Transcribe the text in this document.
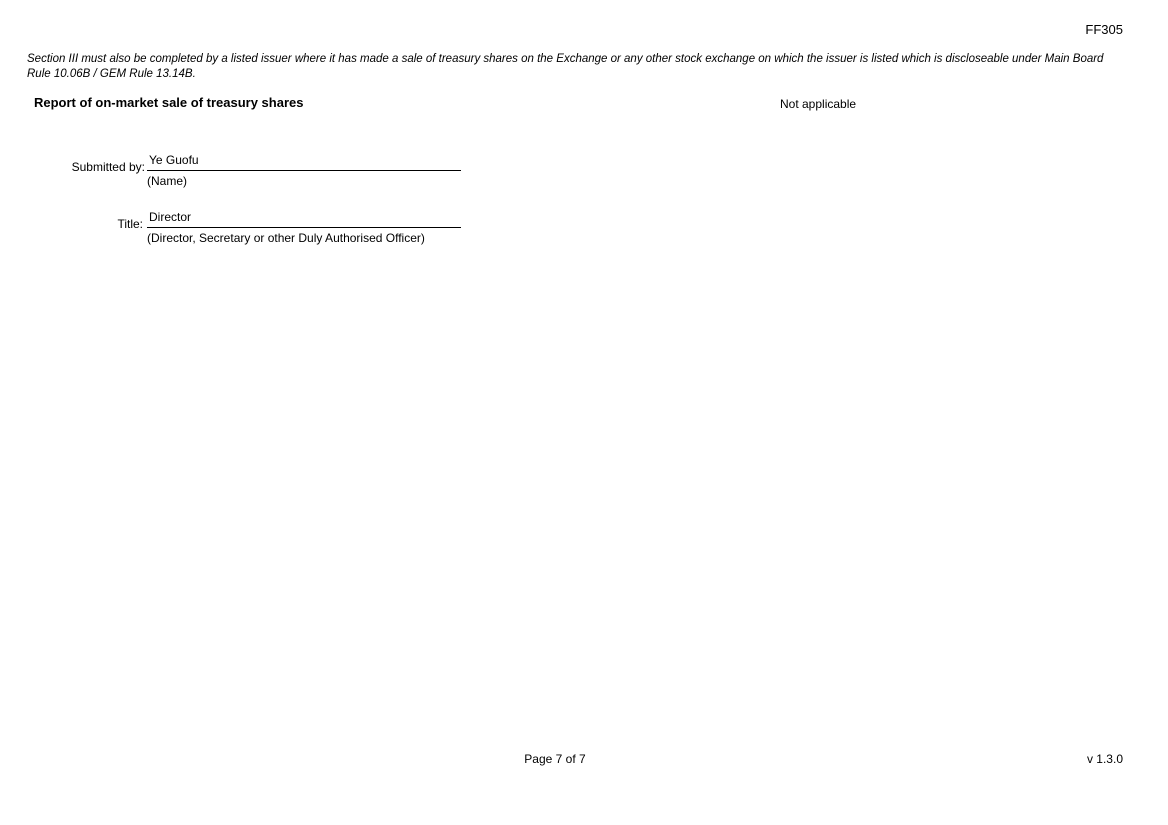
FF305
Section III must also be completed by a listed issuer where it has made a sale of treasury shares on the Exchange or any other stock exchange on which the issuer is listed which is discloseable under Main Board Rule 10.06B / GEM Rule 13.14B.
Report of on-market sale of treasury shares	Not applicable
Submitted by: Ye Guofu
(Name)
Title: Director
(Director, Secretary or other Duly Authorised Officer)
Page 7 of 7	v 1.3.0
